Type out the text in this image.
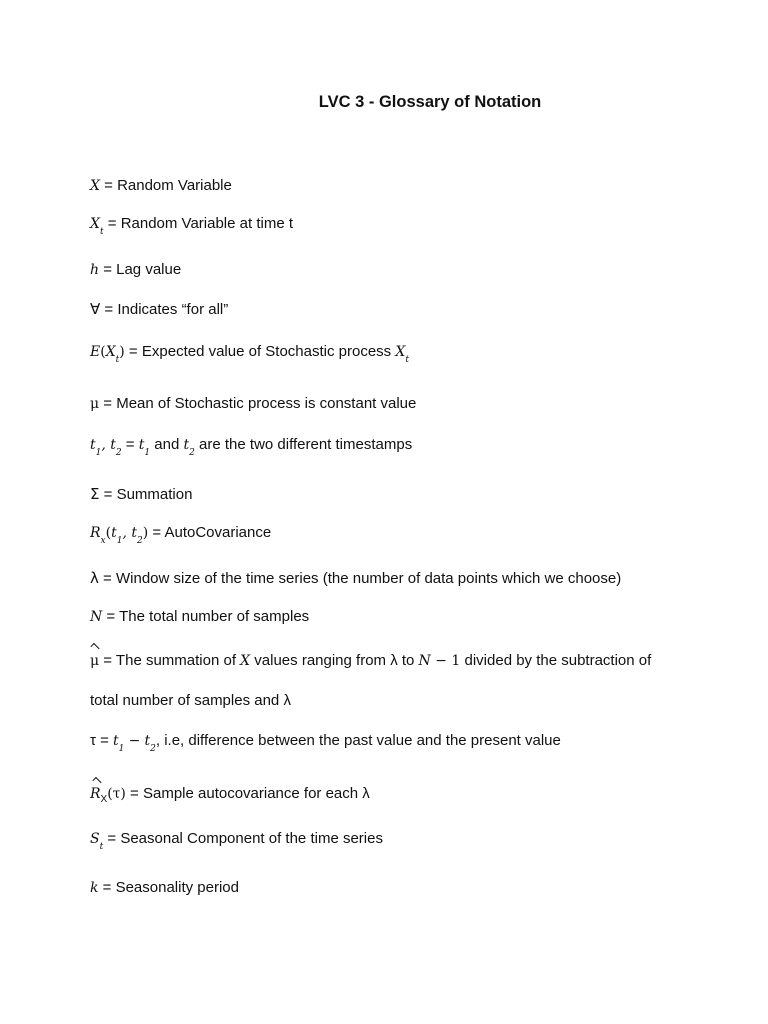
LVC 3 - Glossary of Notation
X = Random Variable
$X_t$ = Random Variable at time t
h = Lag value
∀ = Indicates “for all”
$E(X_t)$ = Expected value of Stochastic process $X_t$
μ = Mean of Stochastic process is constant value
$t_1$, $t_2 = t_1$ and $t_2$ are the two different timestamps
Σ = Summation
$R_x(t_1$, $t_2$) = AutoCovariance
λ = Window size of the time series (the number of data points which we choose)
N = The total number of samples
μ = The summation of X values ranging from λ to N − 1 divided by the subtraction of
total number of samples and λ
$\tau = t_1 - t_2$, i.e, difference between the past value and the present value
$R_X(\tau)$ = Sample autocovariance for each λ
$S_t$ = Seasonal Component of the time series
k = Seasonality period
